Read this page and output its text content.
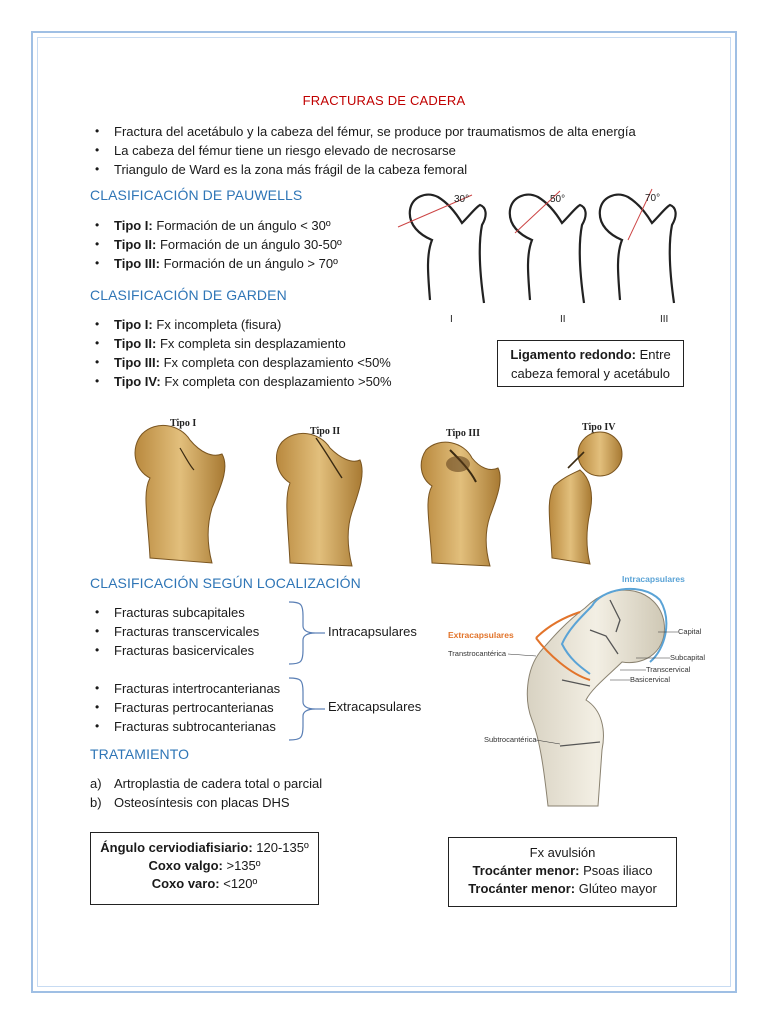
FRACTURAS DE CADERA
• Fractura del acetábulo y la cabeza del fémur, se produce por traumatismos de alta energía
• La cabeza del fémur tiene un riesgo elevado de necrosarse
• Triangulo de Ward es la zona más frágil de la cabeza femoral
CLASIFICACIÓN DE PAUWELLS
• Tipo I: Formación de un ángulo < 30º
• Tipo II: Formación de un ángulo 30-50º
• Tipo III: Formación de un ángulo > 70º
30°
I
50°
II
70°
III
CLASIFICACIÓN DE GARDEN
• Tipo I: Fx incompleta (fisura)
• Tipo II: Fx completa sin desplazamiento
• Tipo III: Fx completa con desplazamiento <50%
• Tipo IV: Fx completa con desplazamiento >50%
Ligamento redondo: Entre
cabeza femoral y acetábulo
Tipo I
Tipo II	Tipo III
Tipo IV
CLASIFICACIÓN SEGÚN LOCALIZACIÓN
• Fracturas subcapitales
• Fracturas transcervicales
• Fracturas basicervicales
Intracapsulares
• Fracturas intertrocanterianas
• Fracturas pertrocanterianas
• Fracturas subtrocanterianas
Extracapsulares
Capital
Subcapital
Transcervical
Basicervical
Transtrocantérica
Subtrocantérica
Intracapsulares
Extracapsulares
TRATAMIENTO
a) Artroplastia de cadera total o parcial
b) Osteosíntesis con placas DHS
Ángulo cerviodiafisiario: 120-135º
Coxo valgo: >135º
Coxo varo: <120º
Fx avulsión
Trocánter menor: Psoas iliaco
Trocánter menor: Glúteo mayor
